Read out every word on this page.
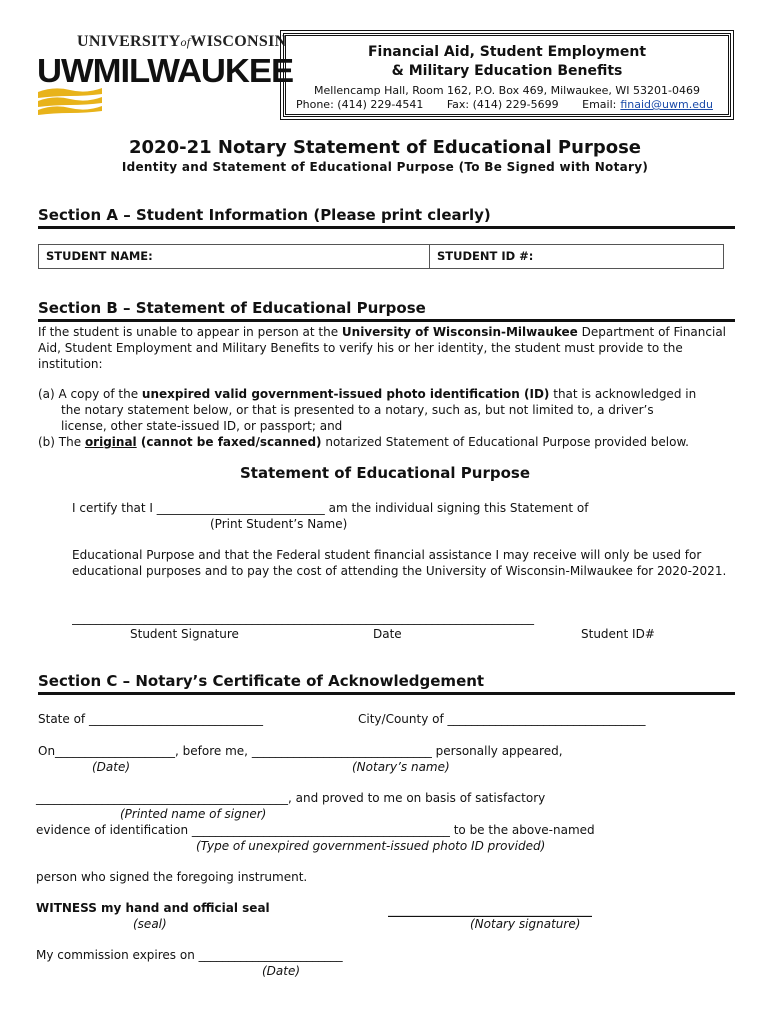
UNIVERSITYofWISCONSIN
UWMILWAUKEE	Financial Aid, Student Employment
& Military Education Benefits
Mellencamp Hall, Room 162, P.O. Box 469, Milwaukee, WI 53201-0469
Phone: (414) 229-4541 Fax: (414) 229-5699 Email: finaid@uwm.edu
2020-21 Notary Statement of Educational Purpose
Identity and Statement of Educational Purpose (To Be Signed with Notary)
Section A – Student Information (Please print clearly)
STUDENT NAME:	STUDENT ID #:
Section B – Statement of Educational Purpose
If the student is unable to appear in person at the University of Wisconsin-Milwaukee Department of Financial Aid, Student Employment and Military Benefits to verify his or her identity, the student must provide to the institution:
(a) A copy of the unexpired valid government-issued photo identification (ID) that is acknowledged in
the notary statement below, or that is presented to a notary, such as, but not limited to, a driver’s
license, other state-issued ID, or passport; and
(b) The original (cannot be faxed/scanned) notarized Statement of Educational Purpose provided below.
Statement of Educational Purpose
I certify that I ____________________________ am the individual signing this Statement of
(Print Student’s Name)
Educational Purpose and that the Federal student financial assistance I may receive will only be used for educational purposes and to pay the cost of attending the University of Wisconsin-Milwaukee for 2020-2021.
_____________________________________________________________________________
Student Signature	Date	Student ID#
Section C – Notary’s Certificate of Acknowledgement
State of _____________________________	City/County of _________________________________
On____________________, before me, ______________________________ personally appeared,
(Date)	(Notary’s name)
__________________________________________, and proved to me on basis of satisfactory
(Printed name of signer)
evidence of identification ___________________________________________ to be the above-named
(Type of unexpired government-issued photo ID provided)
person who signed the foregoing instrument.
WITNESS my hand and official seal
(seal)
__________________________________
(Notary signature)
My commission expires on ________________________
(Date)
